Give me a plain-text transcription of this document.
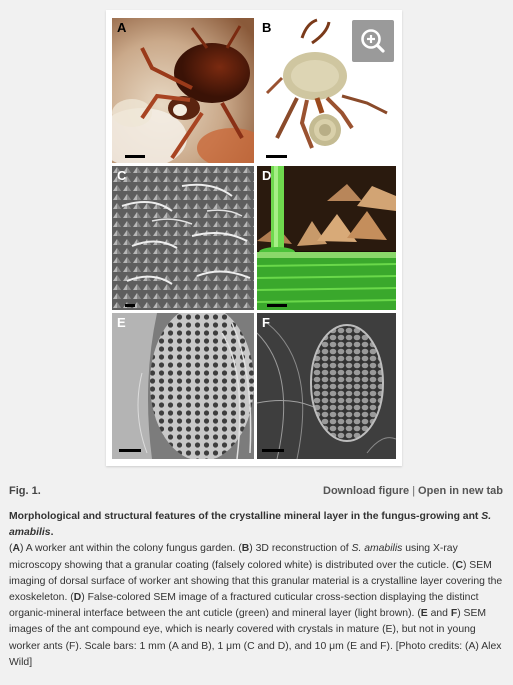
A	B
C	D
E	F
Fig. 1.	Download figure | Open in new tab

Morphological and structural features of the crystalline mineral layer in the fungus-growing ant S. amabilis.

(A) A worker ant within the colony fungus garden. (B) 3D reconstruction of S. amabilis using X-ray microscopy showing that a granular coating (falsely colored white) is distributed over the cuticle. (C) SEM imaging of dorsal surface of worker ant showing that this granular material is a crystalline layer covering the exoskeleton. (D) False-colored SEM image of a fractured cuticular cross-section displaying the distinct organic-mineral interface between the ant cuticle (green) and mineral layer (light brown). (E and F) SEM images of the ant compound eye, which is nearly covered with crystals in mature (E), but not in young worker ants (F). Scale bars: 1 mm (A and B), 1 μm (C and D), and 10 μm (E and F). [Photo credits: (A) Alex Wild]
